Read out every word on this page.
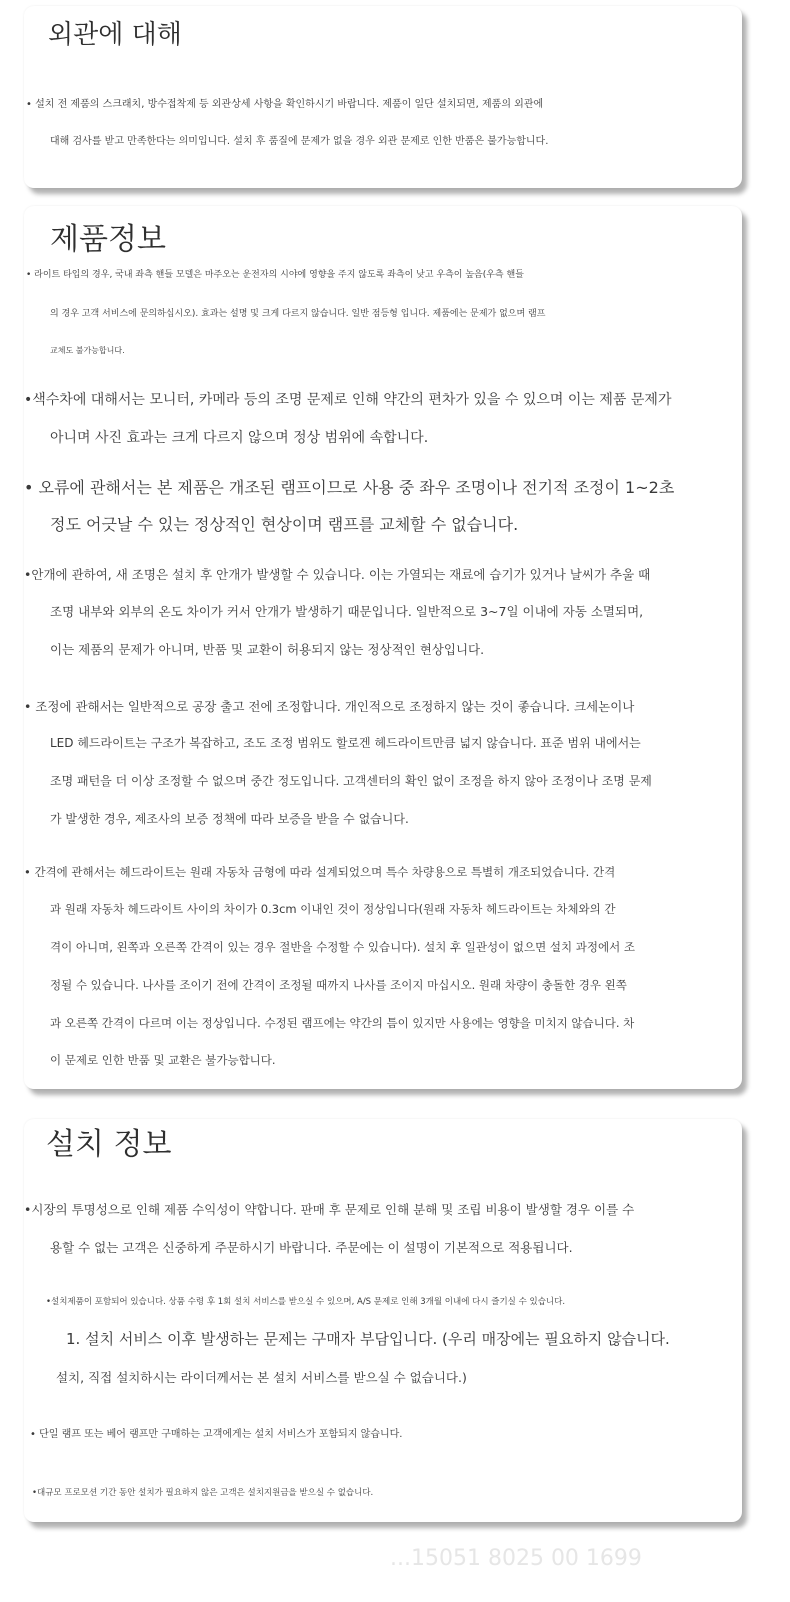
외관에 대해
• 설치 전 제품의 스크래치, 방수접착제 등 외관상세 사항을 확인하시기 바랍니다. 제품이 일단 설치되면, 제품의 외관에
대해 검사를 받고 만족한다는 의미입니다. 설치 후 품질에 문제가 없을 경우 외관 문제로 인한 반품은 불가능합니다.
제품정보
• 라이트 타입의 경우, 국내 좌측 핸들 모델은 마주오는 운전자의 시야에 영향을 주지 않도록 좌측이 낮고 우측이 높음(우측 핸들
의 경우 고객 서비스에 문의하십시오). 효과는 설명 및 크게 다르지 않습니다. 일반 점등형 입니다. 제품에는 문제가 없으며 램프
교체도 불가능합니다.
•색수차에 대해서는 모니터, 카메라 등의 조명 문제로 인해 약간의 편차가 있을 수 있으며 이는 제품 문제가
아니며 사진 효과는 크게 다르지 않으며 정상 범위에 속합니다.
• 오류에 관해서는 본 제품은 개조된 램프이므로 사용 중 좌우 조명이나 전기적 조정이 1~2초
정도 어긋날 수 있는 정상적인 현상이며 램프를 교체할 수 없습니다.
•안개에 관하여, 새 조명은 설치 후 안개가 발생할 수 있습니다. 이는 가열되는 재료에 습기가 있거나 날씨가 추울 때
조명 내부와 외부의 온도 차이가 커서 안개가 발생하기 때문입니다. 일반적으로 3~7일 이내에 자동 소멸되며,
이는 제품의 문제가 아니며, 반품 및 교환이 허용되지 않는 정상적인 현상입니다.
• 조정에 관해서는 일반적으로 공장 출고 전에 조정합니다. 개인적으로 조정하지 않는 것이 좋습니다. 크세논이나
LED 헤드라이트는 구조가 복잡하고, 조도 조정 범위도 할로겐 헤드라이트만큼 넓지 않습니다. 표준 범위 내에서는
조명 패턴을 더 이상 조정할 수 없으며 중간 정도입니다. 고객센터의 확인 없이 조정을 하지 않아 조정이나 조명 문제
가 발생한 경우, 제조사의 보증 정책에 따라 보증을 받을 수 없습니다.
• 간격에 관해서는 헤드라이트는 원래 자동차 금형에 따라 설계되었으며 특수 차량용으로 특별히 개조되었습니다. 간격
과 원래 자동차 헤드라이트 사이의 차이가 0.3cm 이내인 것이 정상입니다(원래 자동차 헤드라이트는 차체와의 간
격이 아니며, 왼쪽과 오른쪽 간격이 있는 경우 절반을 수정할 수 있습니다). 설치 후 일관성이 없으면 설치 과정에서 조
정될 수 있습니다. 나사를 조이기 전에 간격이 조정될 때까지 나사를 조이지 마십시오. 원래 차량이 충돌한 경우 왼쪽
과 오른쪽 간격이 다르며 이는 정상입니다. 수정된 램프에는 약간의 틈이 있지만 사용에는 영향을 미치지 않습니다. 차
이 문제로 인한 반품 및 교환은 불가능합니다.
설치 정보
•시장의 투명성으로 인해 제품 수익성이 약합니다. 판매 후 문제로 인해 분해 및 조립 비용이 발생할 경우 이를 수
용할 수 없는 고객은 신중하게 주문하시기 바랍니다. 주문에는 이 설명이 기본적으로 적용됩니다.
•설치제품이 포함되어 있습니다. 상품 수령 후 1회 설치 서비스를 받으실 수 있으며, A/S 문제로 인해 3개월 이내에 다시 즐기실 수 있습니다.
1. 설치 서비스 이후 발생하는 문제는 구매자 부담입니다. (우리 매장에는 필요하지 않습니다.
설치, 직접 설치하시는 라이더께서는 본 설치 서비스를 받으실 수 없습니다.)
• 단일 램프 또는 베어 램프만 구매하는 고객에게는 설치 서비스가 포함되지 않습니다.
•대규모 프로모션 기간 동안 설치가 필요하지 않은 고객은 설치지원금을 받으실 수 없습니다.
...15051 8025 00 1699
